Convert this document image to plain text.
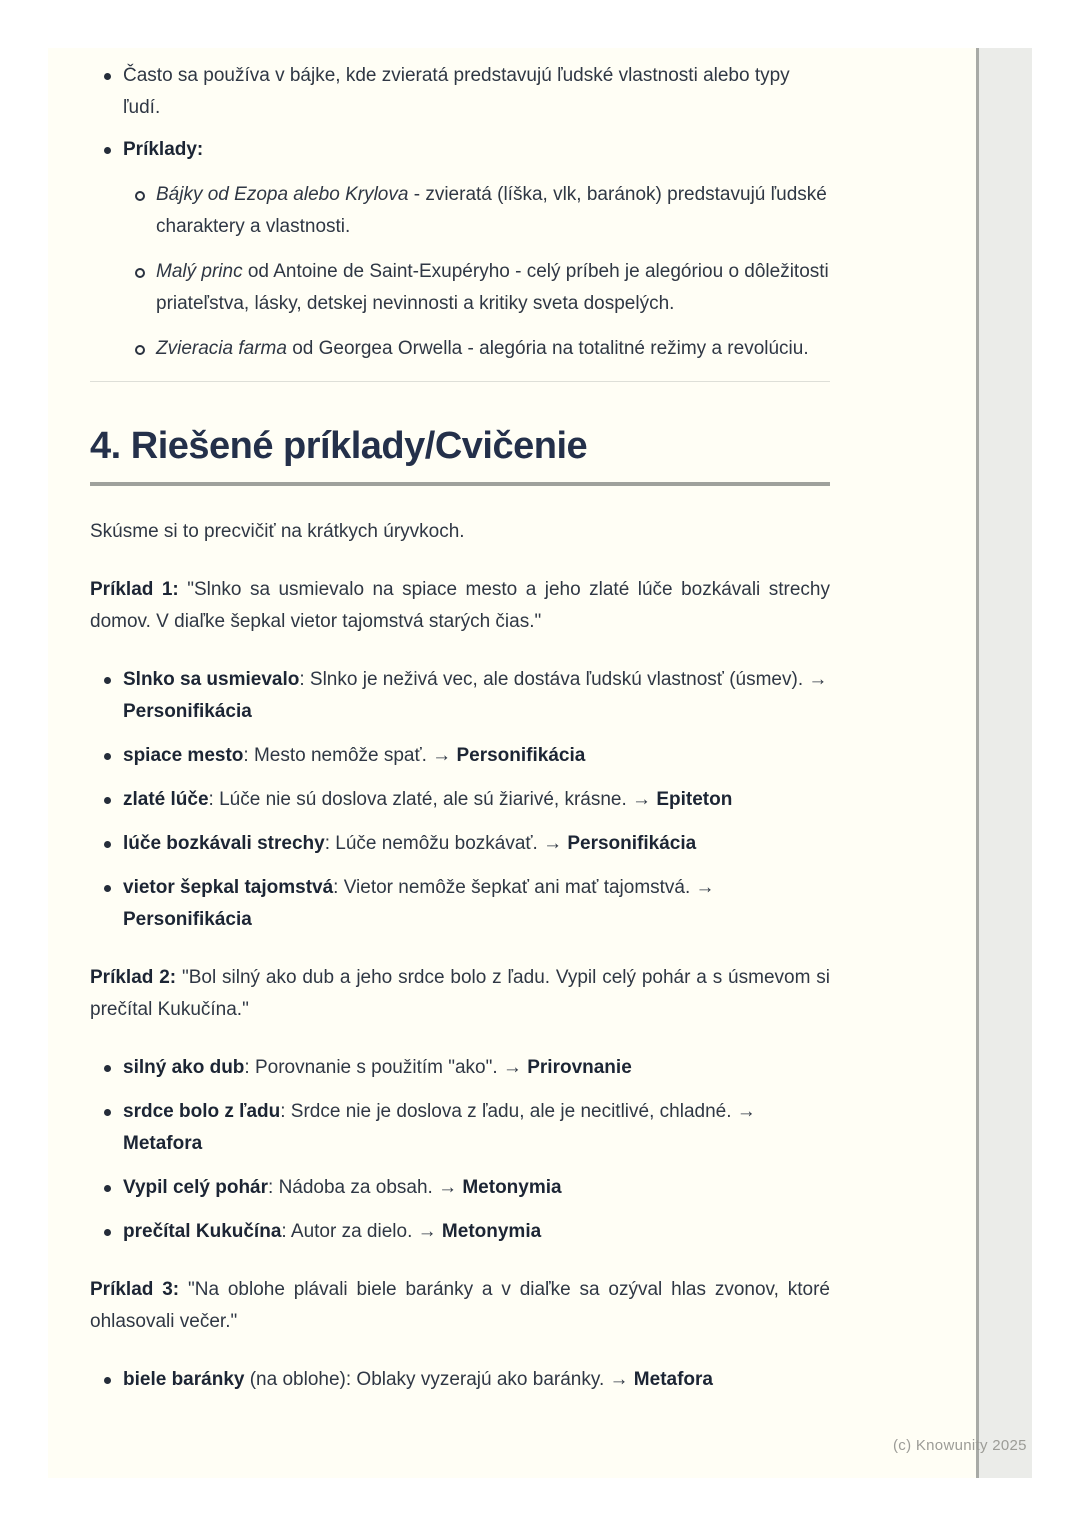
Často sa používa v bájke, kde zvieratá predstavujú ľudské vlastnosti alebo typy ľudí.
Príklady:
Bájky od Ezopa alebo Krylova - zvieratá (líška, vlk, baránok) predstavujú ľudské charaktery a vlastnosti.
Malý princ od Antoine de Saint-Exupéryho - celý príbeh je alegóriou o dôležitosti priateľstva, lásky, detskej nevinnosti a kritiky sveta dospelých.
Zvieracia farma od Georgea Orwella - alegória na totalitné režimy a revolúciu.
4. Riešené príklady/Cvičenie

Skúsme si to precvičiť na krátkych úryvkoch.

Príklad 1: "Slnko sa usmievalo na spiace mesto a jeho zlaté lúče bozkávali strechy domov. V diaľke šepkal vietor tajomstvá starých čias."

Slnko sa usmievalo: Slnko je neživá vec, ale dostáva ľudskú vlastnosť (úsmev). → Personifikácia
spiace mesto: Mesto nemôže spať. → Personifikácia
zlaté lúče: Lúče nie sú doslova zlaté, ale sú žiarivé, krásne. → Epiteton
lúče bozkávali strechy: Lúče nemôžu bozkávať. → Personifikácia
vietor šepkal tajomstvá: Vietor nemôže šepkať ani mať tajomstvá. → Personifikácia

Príklad 2: "Bol silný ako dub a jeho srdce bolo z ľadu. Vypil celý pohár a s úsmevom si prečítal Kukučína."

silný ako dub: Porovnanie s použitím "ako". → Prirovnanie
srdce bolo z ľadu: Srdce nie je doslova z ľadu, ale je necitlivé, chladné. → Metafora
Vypil celý pohár: Nádoba za obsah. → Metonymia
prečítal Kukučína: Autor za dielo. → Metonymia

Príklad 3: "Na oblohe plávali biele baránky a v diaľke sa ozýval hlas zvonov, ktoré ohlasovali večer."

biele baránky (na oblohe): Oblaky vyzerajú ako baránky. → Metafora
(c) Knowunity 2025
